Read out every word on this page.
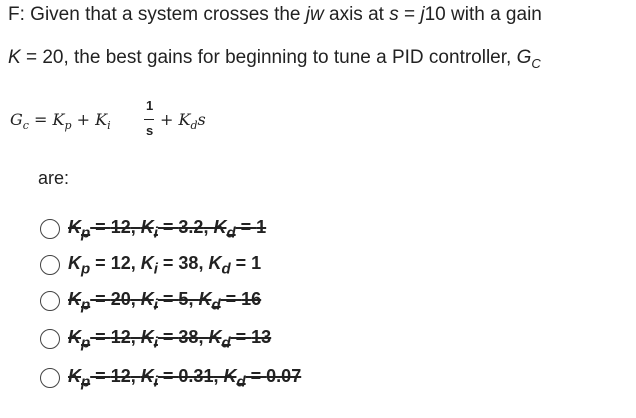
F: Given that a system crosses the jw axis at s = j10 with a gain
K = 20, the best gains for beginning to tune a PID controller, $G_C$
$G_c = K_p + K_i$
1
s
+ $K_ds$
are:
$K_p = 12$, $K_i = 3.2$, $K_d = 1$
$K_p = 12$, $K_i = 38$, $K_d = 1$
$K_p = 20$, $K_i = 5$, $K_d = 16$
$K_p = 12$, $K_i = 38$, $K_d = 13$
$K_p = 12$, $K_i = 0.31$, $K_d = 0.07$
